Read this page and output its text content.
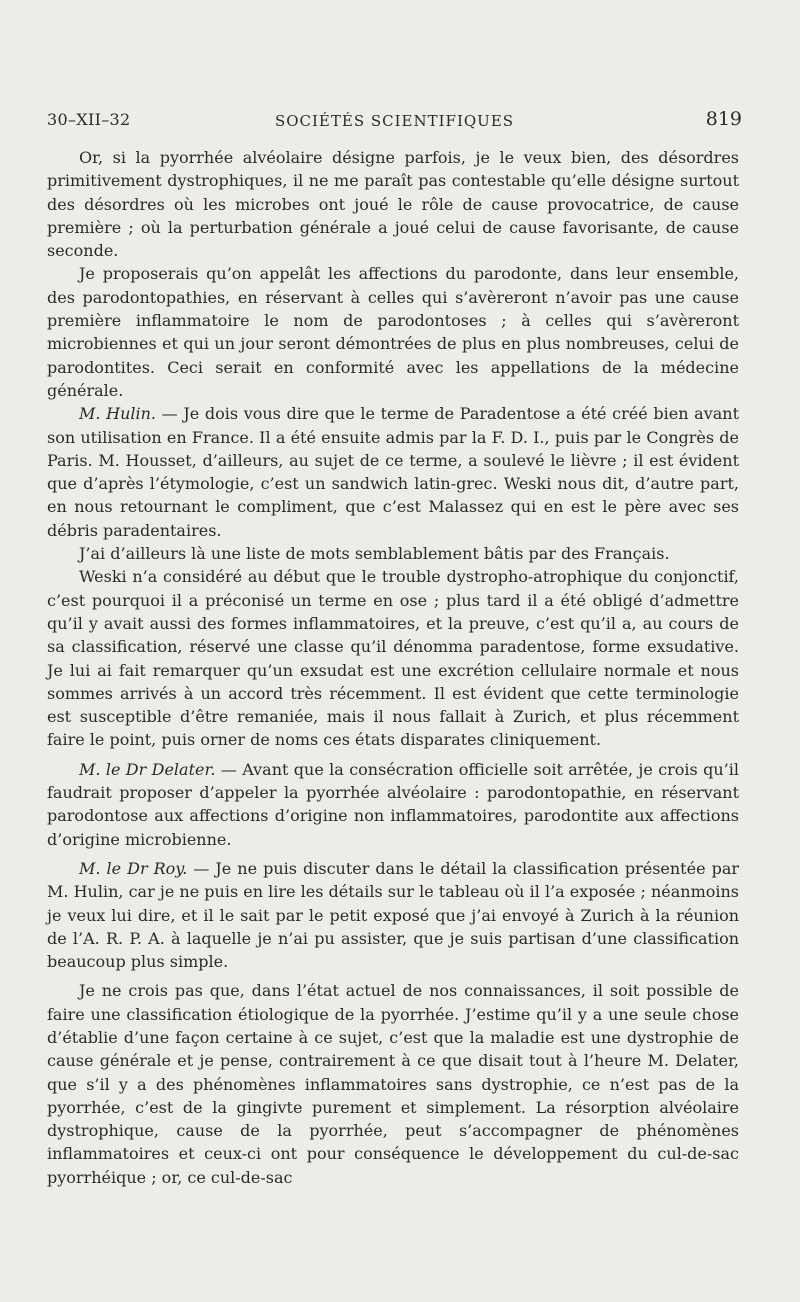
30–XII–32	SOCIÉTÉS SCIENTIFIQUES	819

Or, si la pyorrhée alvéolaire désigne parfois, je le veux bien, des désordres primitivement dystrophiques, il ne me paraît pas contestable qu’elle désigne surtout des désordres où les microbes ont joué le rôle de cause provocatrice, de cause première ; où la perturbation générale a joué celui de cause favorisante, de cause seconde.

Je proposerais qu’on appelât les affections du parodonte, dans leur ensemble, des parodontopathies, en réservant à celles qui s’avèreront n’avoir pas une cause première inflammatoire le nom de parodontoses ; à celles qui s’avèreront microbiennes et qui un jour seront démontrées de plus en plus nombreuses, celui de parodontites. Ceci serait en conformité avec les appellations de la médecine générale.

M. Hulin. — Je dois vous dire que le terme de Paradentose a été créé bien avant son utilisation en France. Il a été ensuite admis par la F. D. I., puis par le Congrès de Paris. M. Housset, d’ailleurs, au sujet de ce terme, a soulevé le lièvre ; il est évident que d’après l’étymologie, c’est un sandwich latin-grec. Weski nous dit, d’autre part, en nous retournant le compliment, que c’est Malassez qui en est le père avec ses débris paradentaires.

J’ai d’ailleurs là une liste de mots semblablement bâtis par des Français.

Weski n’a considéré au début que le trouble dystropho-atrophique du conjonctif, c’est pourquoi il a préconisé un terme en ose ; plus tard il a été obligé d’admettre qu’il y avait aussi des formes inflammatoires, et la preuve, c’est qu’il a, au cours de sa classification, réservé une classe qu’il dénomma paradentose, forme exsudative. Je lui ai fait remarquer qu’un exsudat est une excrétion cellulaire normale et nous sommes arrivés à un accord très récemment. Il est évident que cette terminologie est susceptible d’être remaniée, mais il nous fallait à Zurich, et plus récemment faire le point, puis orner de noms ces états disparates cliniquement.

M. le Dr Delater. — Avant que la consécration officielle soit arrêtée, je crois qu’il faudrait proposer d’appeler la pyorrhée alvéolaire : parodontopathie, en réservant parodontose aux affections d’origine non inflammatoires, parodontite aux affections d’origine microbienne.

M. le Dr Roy. — Je ne puis discuter dans le détail la classification présentée par M. Hulin, car je ne puis en lire les détails sur le tableau où il l’a exposée ; néanmoins je veux lui dire, et il le sait par le petit exposé que j’ai envoyé à Zurich à la réunion de l’A. R. P. A. à laquelle je n’ai pu assister, que je suis partisan d’une classification beaucoup plus simple.

Je ne crois pas que, dans l’état actuel de nos connaissances, il soit possible de faire une classification étiologique de la pyorrhée. J’estime qu’il y a une seule chose d’établie d’une façon certaine à ce sujet, c’est que la maladie est une dystrophie de cause générale et je pense, contrairement à ce que disait tout à l’heure M. Delater, que s’il y a des phénomènes inflammatoires sans dystrophie, ce n’est pas de la pyorrhée, c’est de la gingivte purement et simplement. La résorption alvéolaire dystrophique, cause de la pyorrhée, peut s’accompagner de phénomènes inflammatoires et ceux-ci ont pour conséquence le développement du cul-de-sac pyorrhéique ; or, ce cul-de-sac
